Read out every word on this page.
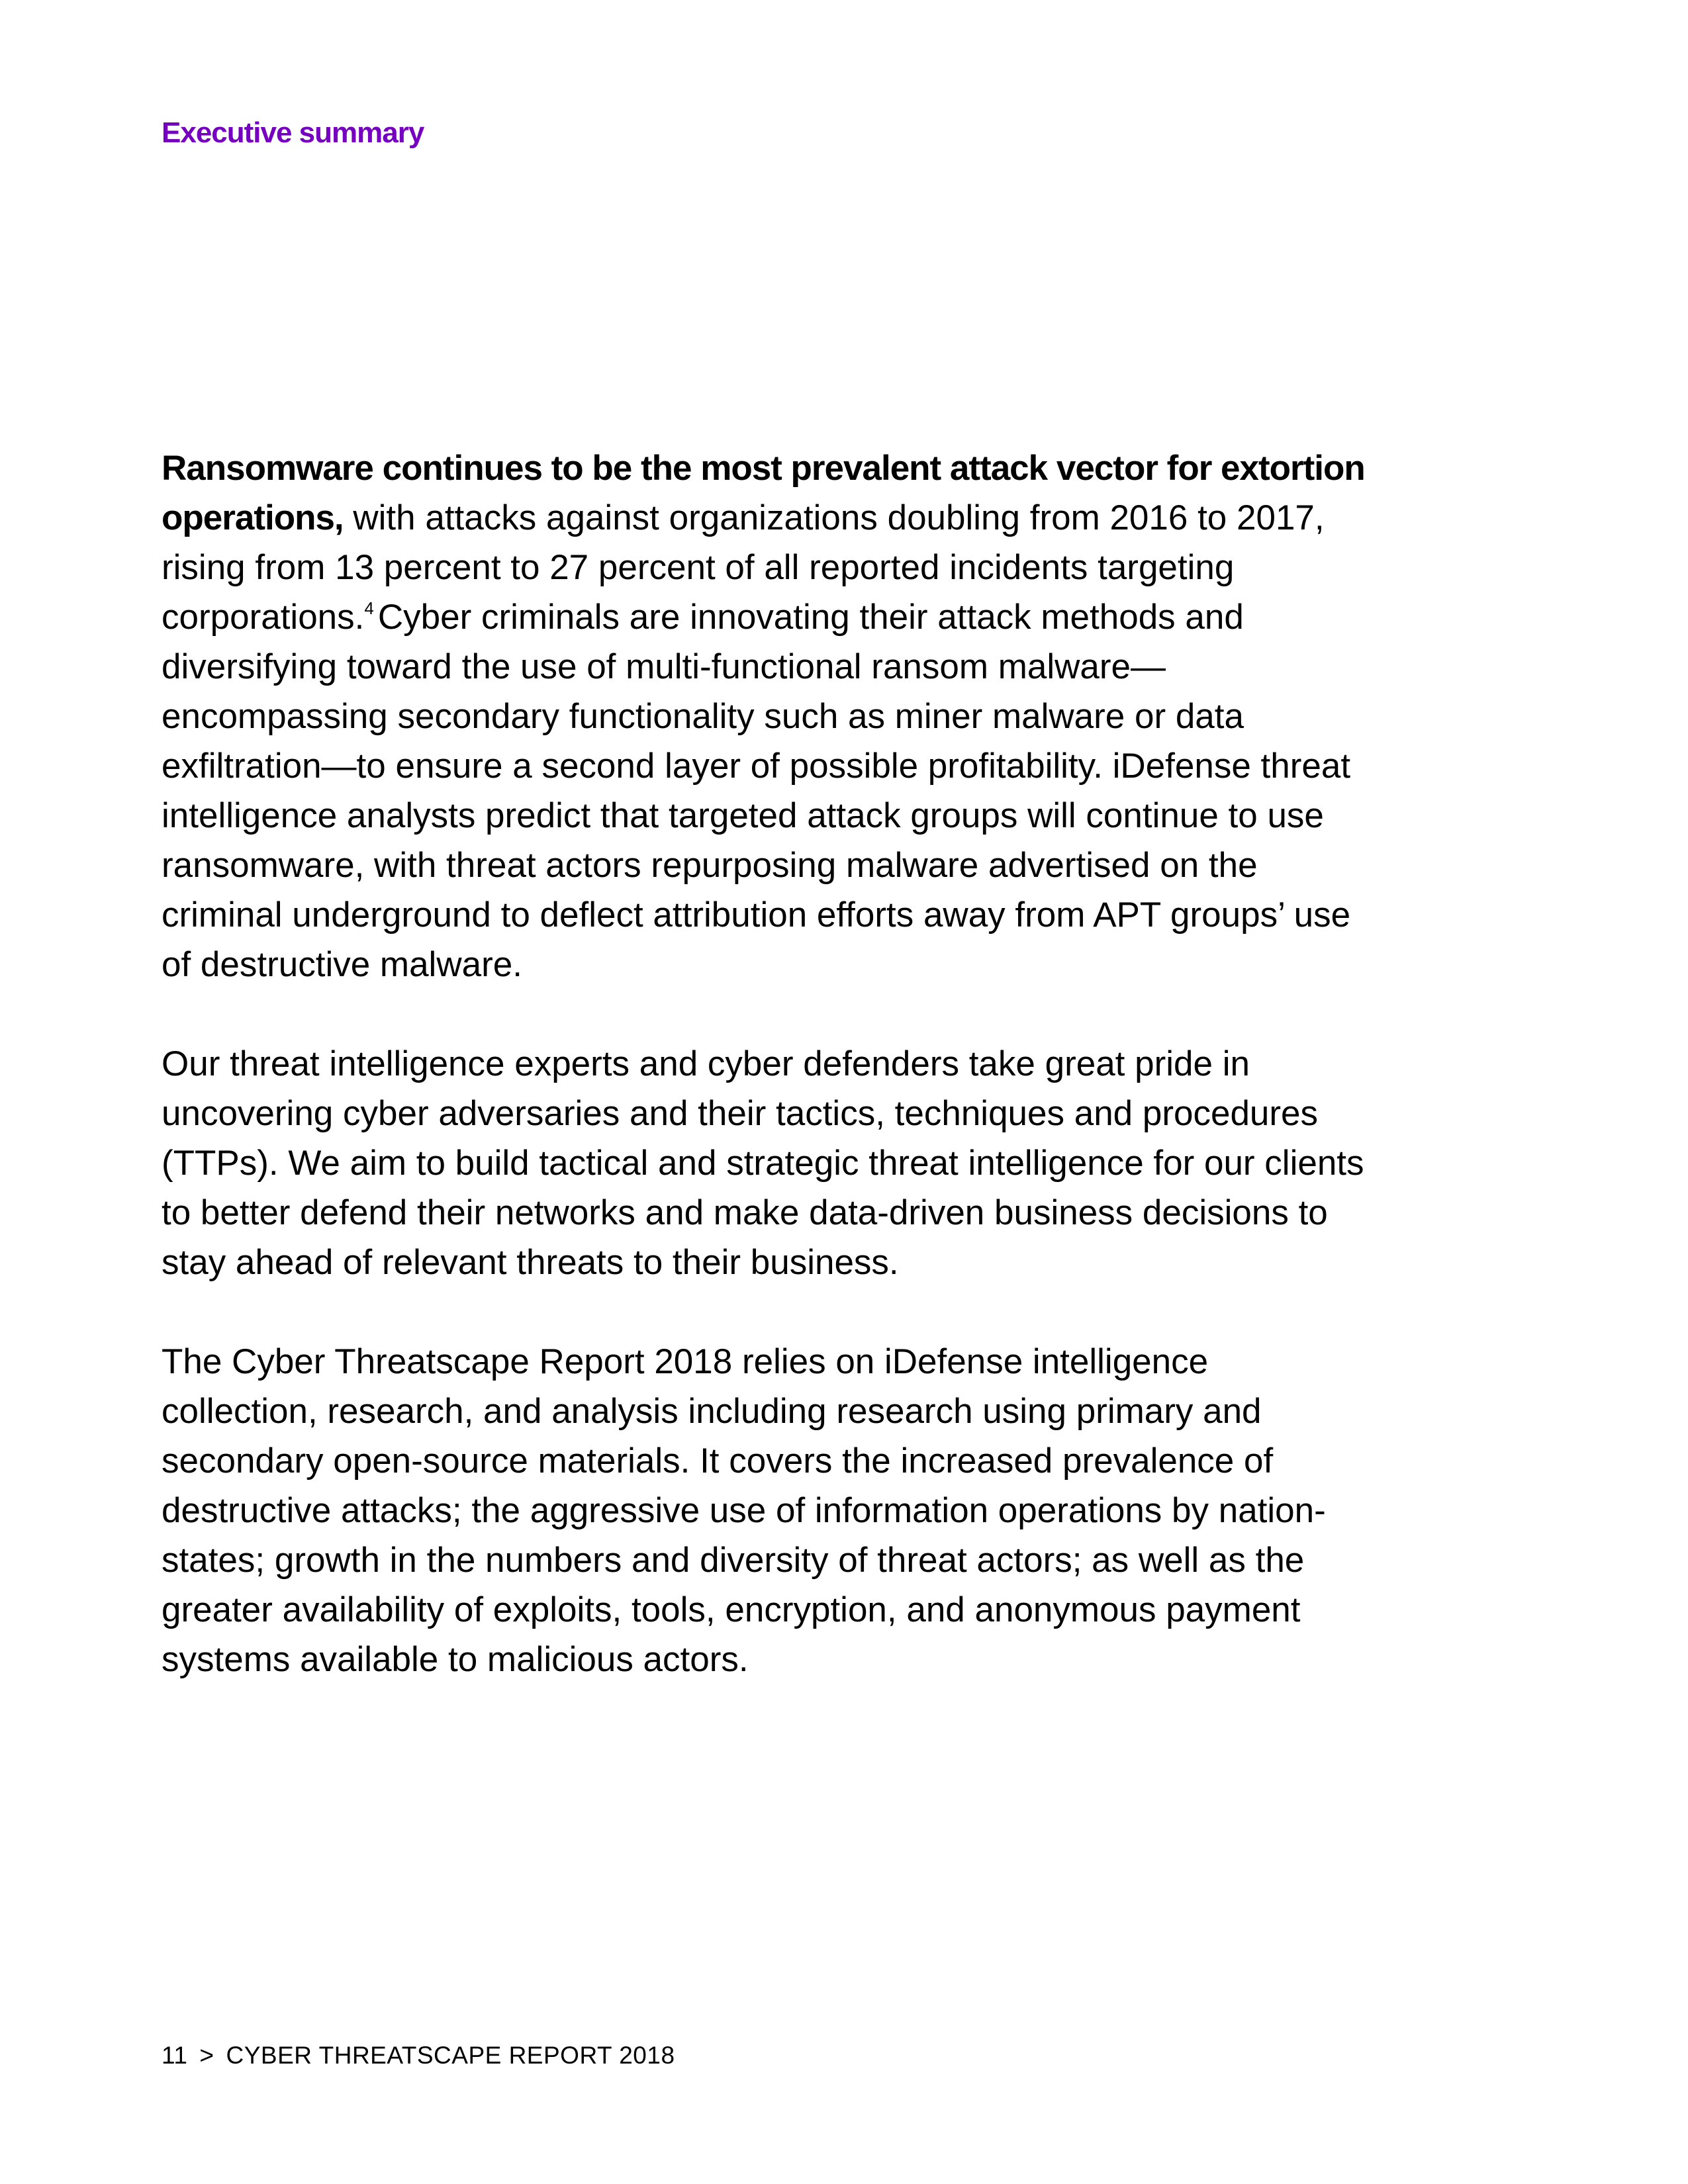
Executive summary

Ransomware continues to be the most prevalent attack vector for extortion operations, with attacks against organizations doubling from 2016 to 2017, rising from 13 percent to 27 percent of all reported incidents targeting corporations.$^4$ Cyber criminals are innovating their attack methods and diversifying toward the use of multi-functional ransom malware—encompassing secondary functionality such as miner malware or data exfiltration—to ensure a second layer of possible profitability. iDefense threat intelligence analysts predict that targeted attack groups will continue to use ransomware, with threat actors repurposing malware advertised on the criminal underground to deflect attribution efforts away from APT groups’ use of destructive malware.

Our threat intelligence experts and cyber defenders take great pride in uncovering cyber adversaries and their tactics, techniques and procedures (TTPs). We aim to build tactical and strategic threat intelligence for our clients to better defend their networks and make data-driven business decisions to stay ahead of relevant threats to their business.

The Cyber Threatscape Report 2018 relies on iDefense intelligence collection, research, and analysis including research using primary and secondary open-source materials. It covers the increased prevalence of destructive attacks; the aggressive use of information operations by nation-states; growth in the numbers and diversity of threat actors; as well as the greater availability of exploits, tools, encryption, and anonymous payment systems available to malicious actors.

11 > CYBER THREATSCAPE REPORT 2018
